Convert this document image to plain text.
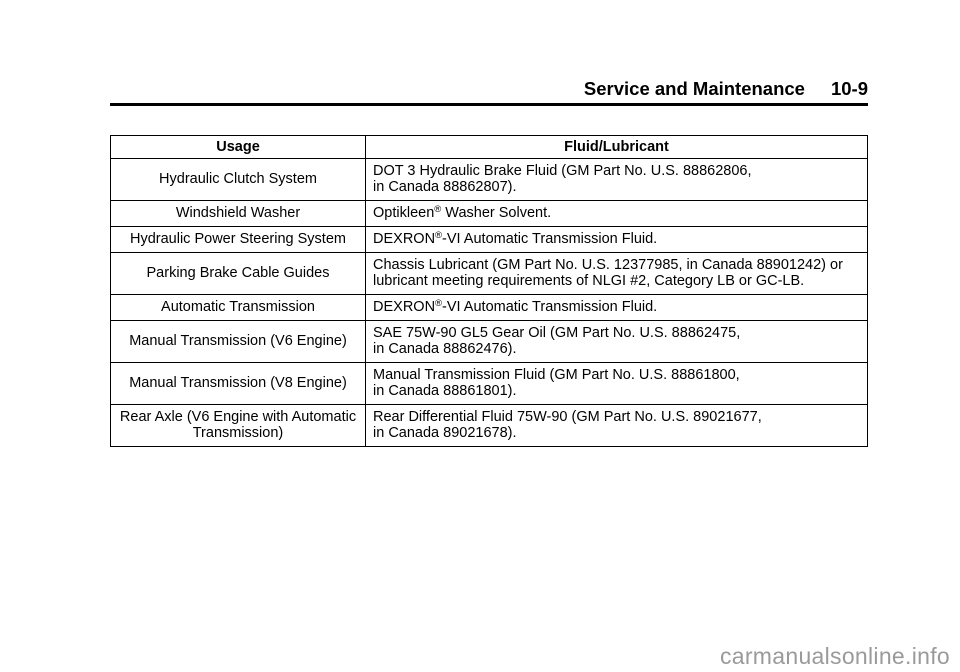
Service and Maintenance 10-9
Usage	Fluid/Lubricant
Hydraulic Clutch System	DOT 3 Hydraulic Brake Fluid (GM Part No. U.S. 88862806,
in Canada 88862807).

Windshield Washer	Optikleen® Washer Solvent.
Hydraulic Power Steering System	DEXRON®-VI Automatic Transmission Fluid.
Parking Brake Cable Guides	Chassis Lubricant (GM Part No. U.S. 12377985, in Canada 88901242) or
lubricant meeting requirements of NLGI #2, Category LB or GC-LB.

Automatic Transmission	DEXRON®-VI Automatic Transmission Fluid.
Manual Transmission (V6 Engine)	SAE 75W-90 GL5 Gear Oil (GM Part No. U.S. 88862475,
in Canada 88862476).

Manual Transmission (V8 Engine)	Manual Transmission Fluid (GM Part No. U.S. 88861800,
in Canada 88861801).

Rear Axle (V6 Engine with Automatic
Transmission)	Rear Differential Fluid 75W-90 (GM Part No. U.S. 89021677,
in Canada 89021678).
carmanualsonline.info
